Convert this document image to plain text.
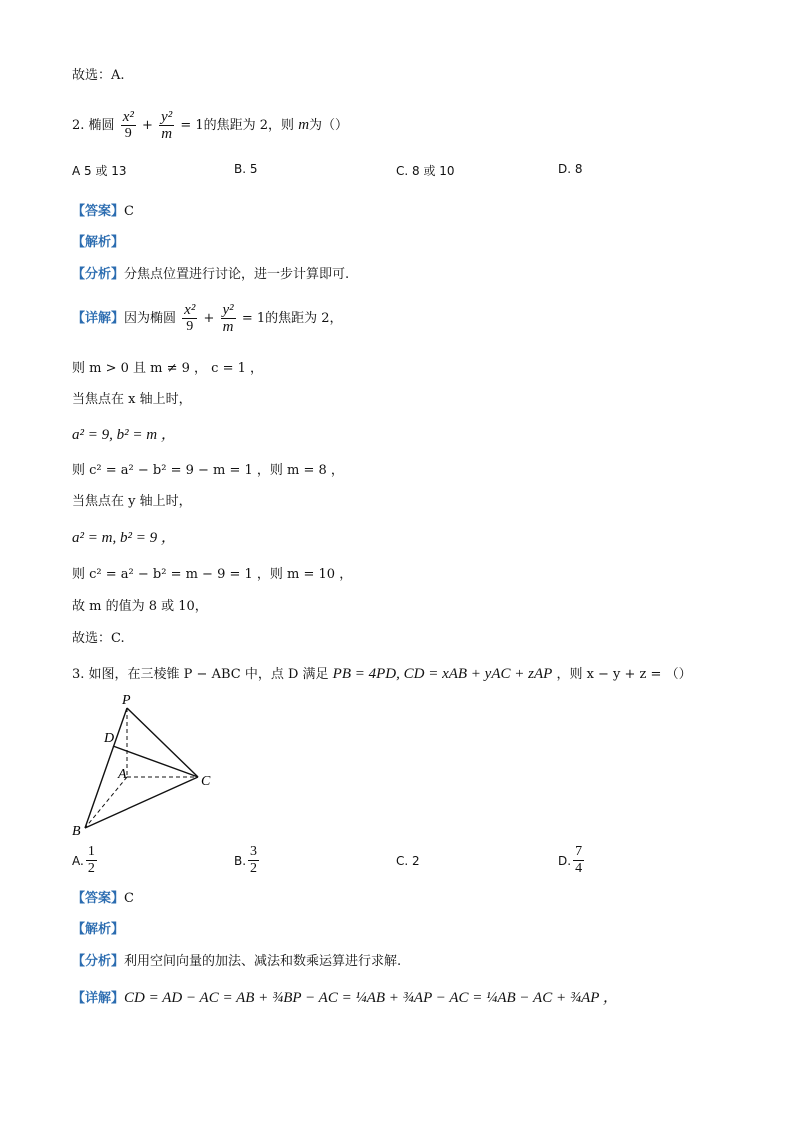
故选：A.
2. 椭圆 $\frac{\text{x²}}{9} + \frac{\text{y²}}{m} = 1$的焦距为 2，则 m为（）
A 5 或 13	B. 5	C. 8 或 10	D. 8
【答案】C
【解析】
【分析】分焦点位置进行讨论，进一步计算即可.
【详解】因为椭圆 $\frac{\text{x²}}{9} + \frac{\text{y²}}{m} = 1$的焦距为 2，
则 m > 0 且 m ≠ 9 ， c = 1 ，
当焦点在 x 轴上时，
a² = 9, b² = m ，
则 c² = a² − b² = 9 − m = 1 ，则 m = 8 ，
当焦点在 y 轴上时，
a² = m, b² = 9 ，
则 c² = a² − b² = m − 9 = 1 ，则 m = 10 ，
故 m 的值为 8 或 10，
故选：C.
3. 如图，在三棱锥 P − ABC 中，点 D 满足 PB = 4PD, CD = xAB + yAC + zAP ，则 x − y + z = （）
P
D
A	C
B
A. $\frac{1}{2}$	B. $\frac{3}{2}$	C. 2	D. $\frac{7}{4}$
【答案】C
【解析】
【分析】利用空间向量的加法、减法和数乘运算进行求解.
【详解】CD = AD − AC = AB + ¾BP − AC = ¼AB + ¾AP − AC = ¼AB − AC + ¾AP ，
